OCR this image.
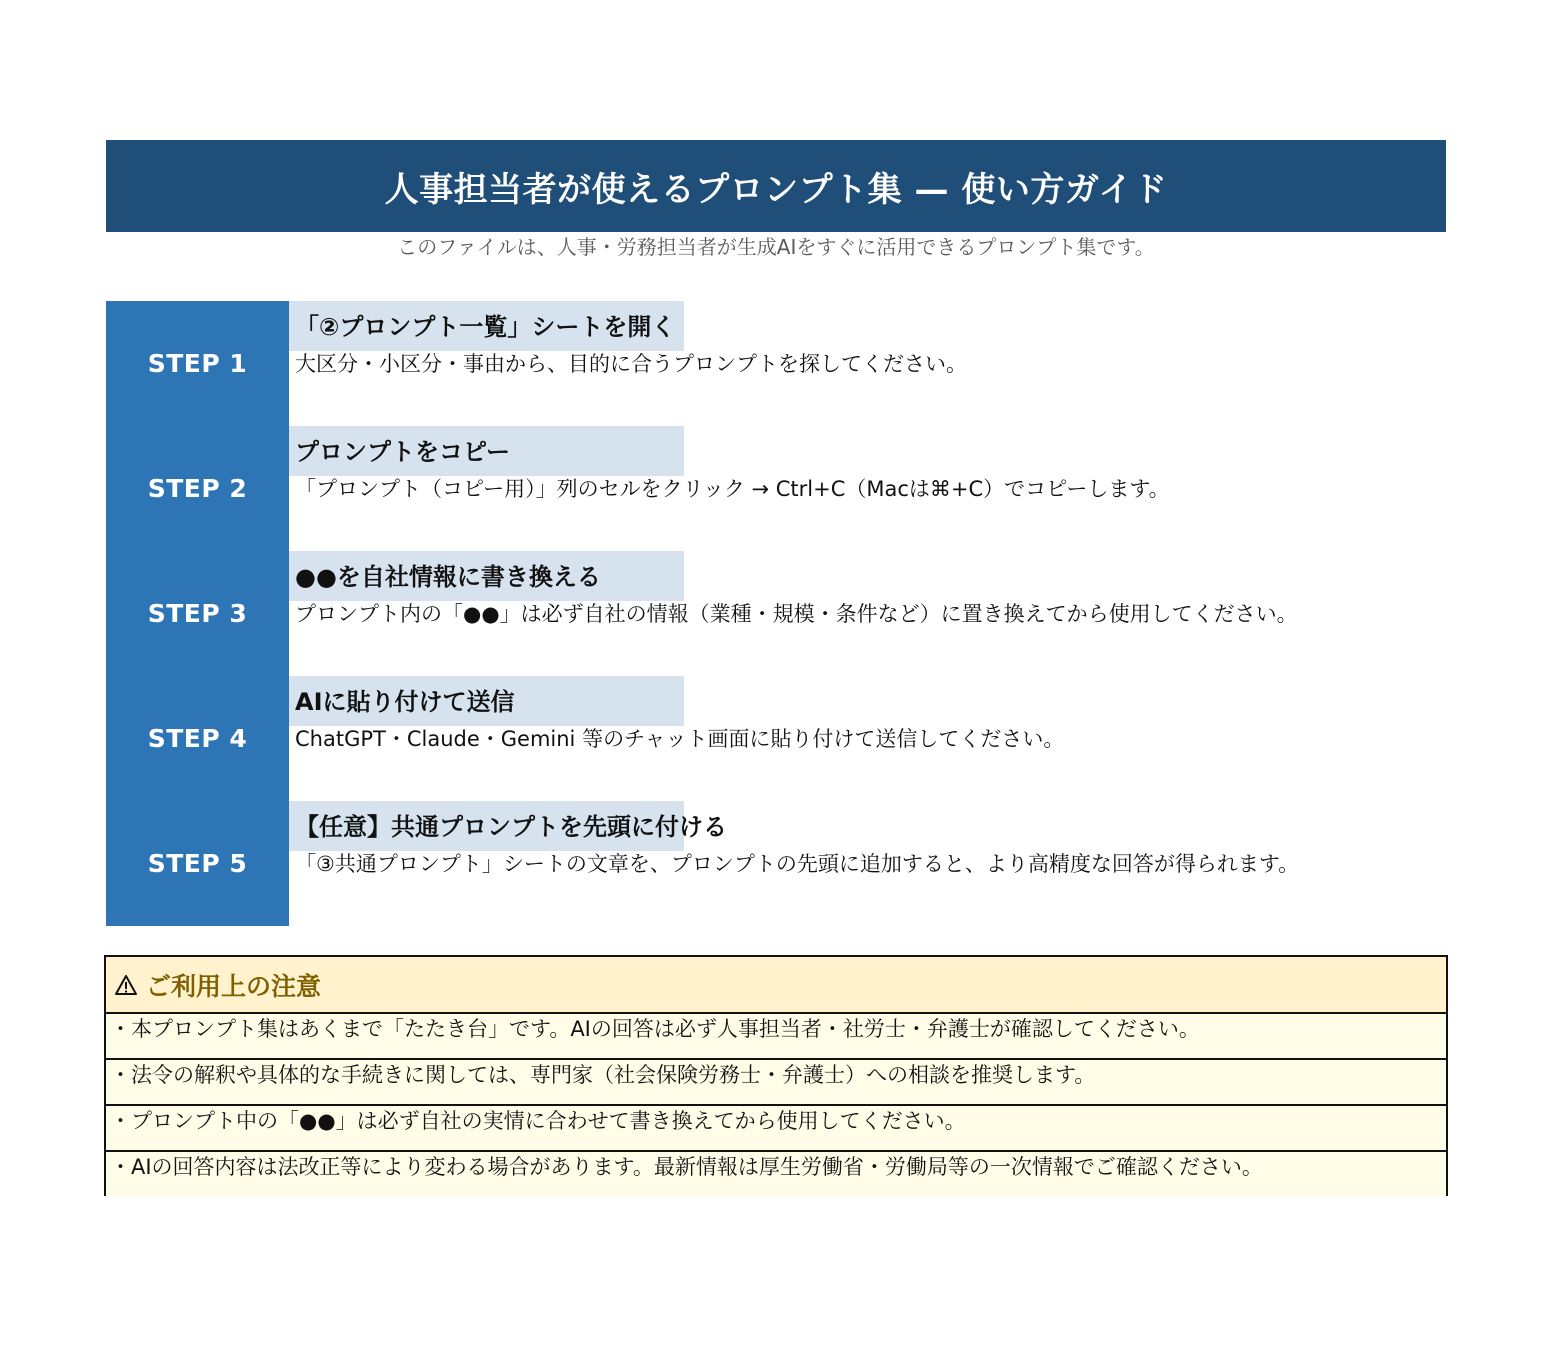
人事担当者が使えるプロンプト集 — 使い方ガイド
このファイルは、人事・労務担当者が生成AIをすぐに活用できるプロンプト集です。
STEP 1
「②プロンプト一覧」シートを開く
大区分・小区分・事由から、目的に合うプロンプトを探してください。
STEP 2
プロンプトをコピー
「プロンプト（コピー用）」列のセルをクリック → Ctrl+C（Macは⌘+C）でコピーします。
STEP 3
●●を自社情報に書き換える
プロンプト内の「●●」は必ず自社の情報（業種・規模・条件など）に置き換えてから使用してください。
STEP 4
AIに貼り付けて送信
ChatGPT・Claude・Gemini 等のチャット画面に貼り付けて送信してください。
STEP 5
【任意】共通プロンプトを先頭に付ける
「③共通プロンプト」シートの文章を、プロンプトの先頭に追加すると、より高精度な回答が得られます。
ご利用上の注意
・本プロンプト集はあくまで「たたき台」です。AIの回答は必ず人事担当者・社労士・弁護士が確認してください。
・法令の解釈や具体的な手続きに関しては、専門家（社会保険労務士・弁護士）への相談を推奨します。
・プロンプト中の「●●」は必ず自社の実情に合わせて書き換えてから使用してください。
・AIの回答内容は法改正等により変わる場合があります。最新情報は厚生労働省・労働局等の一次情報でご確認ください。
